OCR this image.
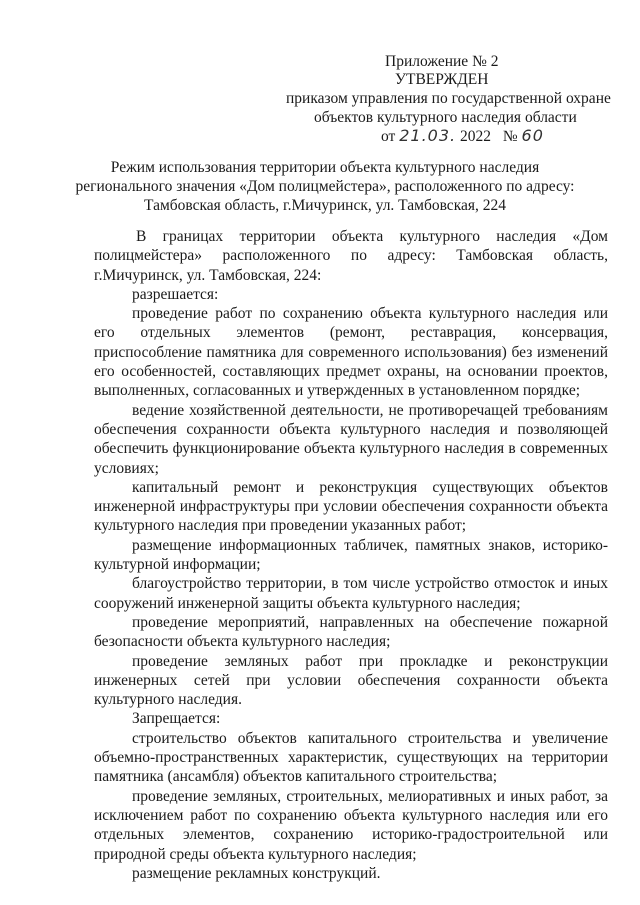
Приложение № 2
УТВЕРЖДЕН
приказом управления по государственной охране
объектов культурного наследия области
от 21.03. 2022 № 60
Режим использования территории объекта культурного наследия
регионального значения «Дом полицмейстера», расположенного по адресу:
Тамбовская область, г.Мичуринск, ул. Тамбовская, 224

В границах территории объекта культурного наследия «Дом полицмейстера» расположенного по адресу: Тамбовская область, г.Мичуринск, ул. Тамбовская, 224:

разрешается:

проведение работ по сохранению объекта культурного наследия или его отдельных элементов (ремонт, реставрация, консервация, приспособление памятника для современного использования) без изменений его особенностей, составляющих предмет охраны, на основании проектов, выполненных, согласованных и утвержденных в установленном порядке;

ведение хозяйственной деятельности, не противоречащей требованиям обеспечения сохранности объекта культурного наследия и позволяющей обеспечить функционирование объекта культурного наследия в современных условиях;

капитальный ремонт и реконструкция существующих объектов инженерной инфраструктуры при условии обеспечения сохранности объекта культурного наследия при проведении указанных работ;

размещение информационных табличек, памятных знаков, историко-культурной информации;

благоустройство территории, в том числе устройство отмосток и иных сооружений инженерной защиты объекта культурного наследия;

проведение мероприятий, направленных на обеспечение пожарной безопасности объекта культурного наследия;

проведение земляных работ при прокладке и реконструкции инженерных сетей при условии обеспечения сохранности объекта культурного наследия.

Запрещается:

строительство объектов капитального строительства и увеличение объемно-пространственных характеристик, существующих на территории памятника (ансамбля) объектов капитального строительства;

проведение земляных, строительных, мелиоративных и иных работ, за исключением работ по сохранению объекта культурного наследия или его отдельных элементов, сохранению историко-градостроительной или природной среды объекта культурного наследия;

размещение рекламных конструкций.
